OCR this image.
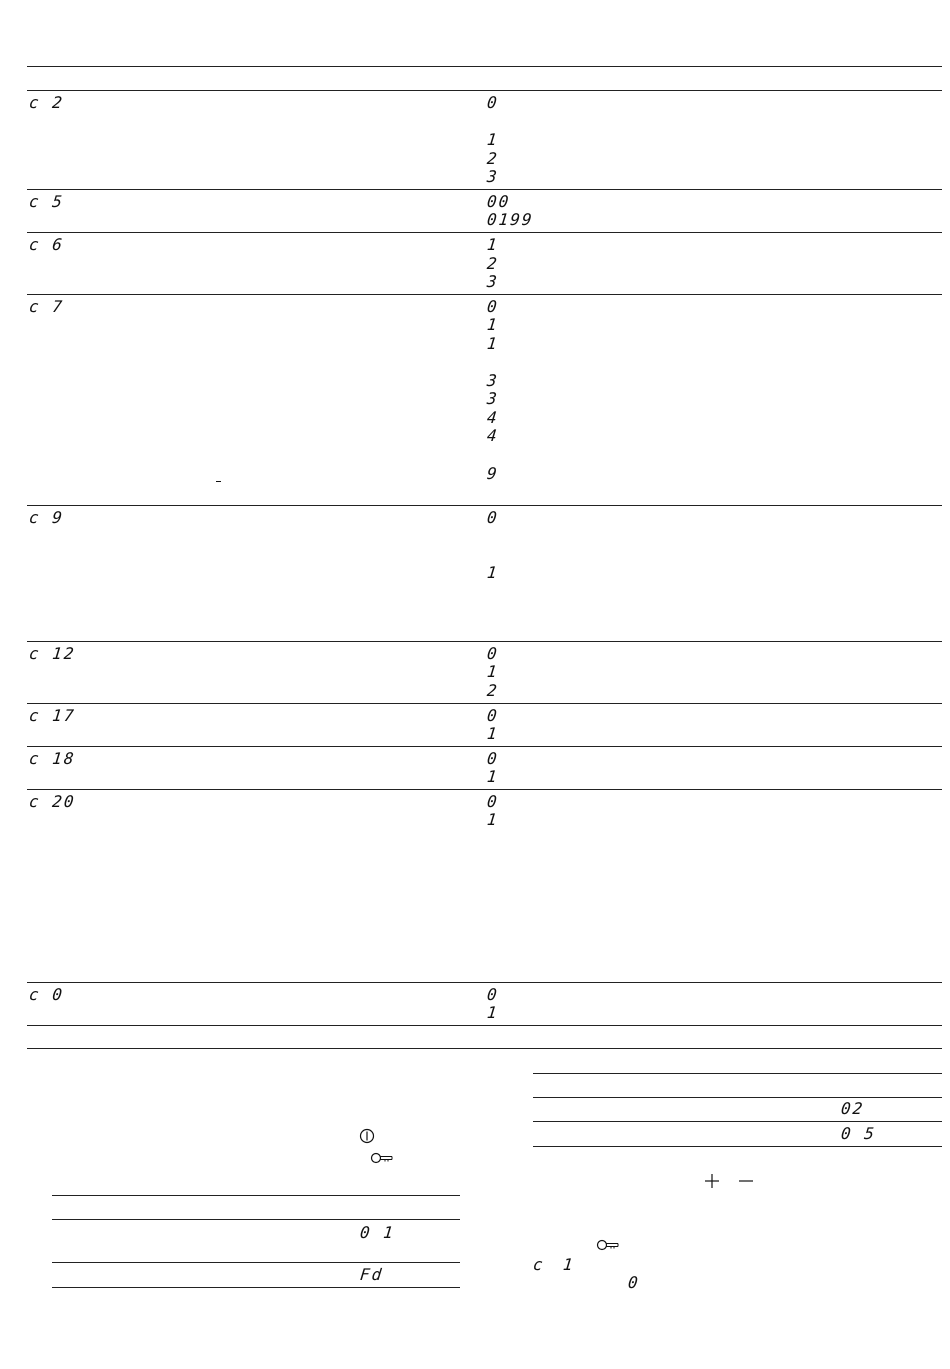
c 2	0
1
2
3
c 5	00
0199
c 6	1
2
3
c 7	0
1
1
3
3
4
4
9
c 9	0
1
c 12	0
1
2
c 17	0
1
c 18	0
1
c 20	0
1
c 0	0
1
0 1
Fd
02
0 5
c 1
0
